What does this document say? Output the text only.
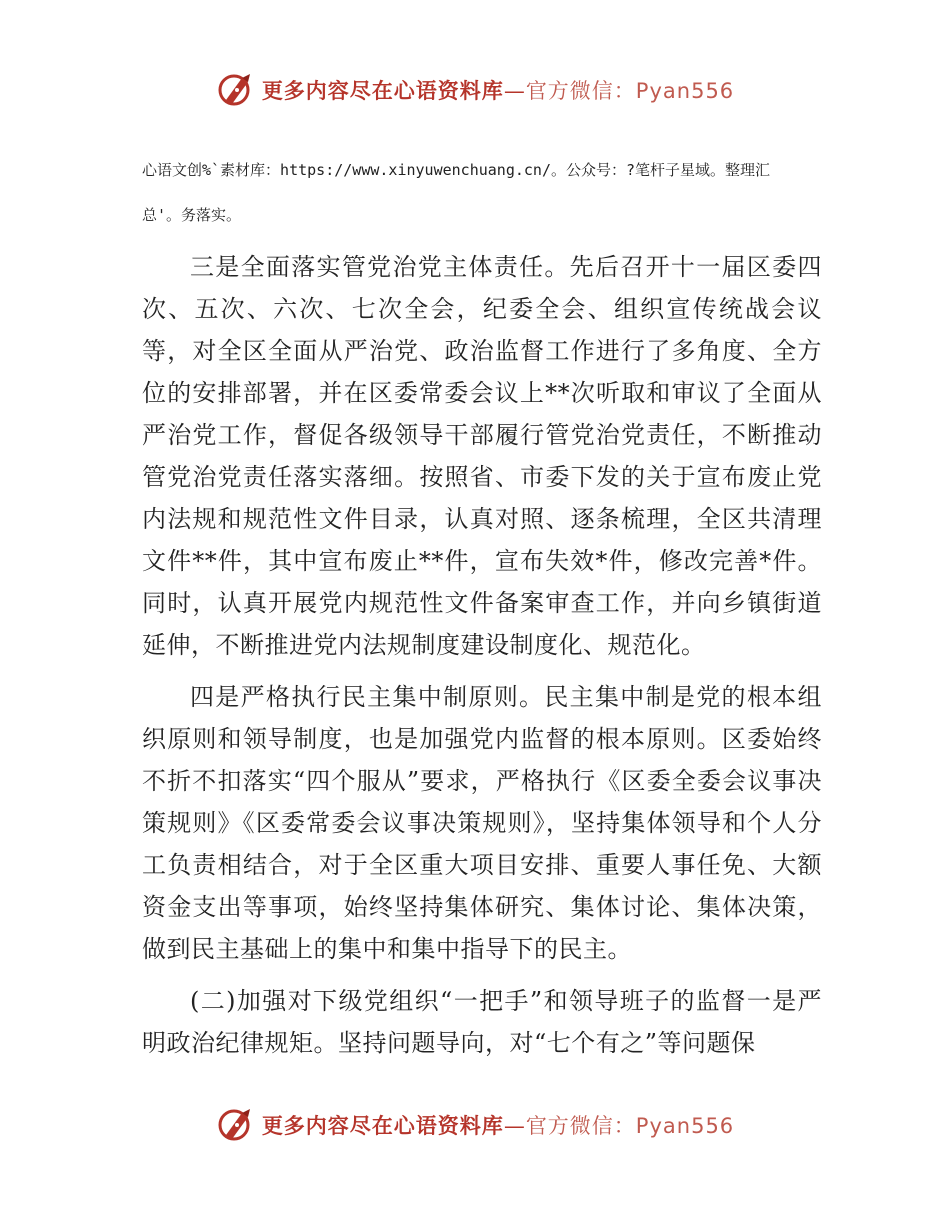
更多内容尽在心语资料库—官方微信：Pyan556
心语文创%`素材库：https://www.xinyuwenchuang.cn/。公众号：?笔杆子星域。整理汇
总'。务落实。

三是全面落实管党治党主体责任。先后召开十一届区委四次、五次、六次、七次全会，纪委全会、组织宣传统战会议等，对全区全面从严治党、政治监督工作进行了多角度、全方位的安排部署，并在区委常委会议上**次听取和审议了全面从严治党工作，督促各级领导干部履行管党治党责任，不断推动管党治党责任落实落细。按照省、市委下发的关于宣布废止党内法规和规范性文件目录，认真对照、逐条梳理，全区共清理文件**件，其中宣布废止**件，宣布失效*件，修改完善*件。同时，认真开展党内规范性文件备案审查工作，并向乡镇街道延伸，不断推进党内法规制度建设制度化、规范化。

四是严格执行民主集中制原则。民主集中制是党的根本组织原则和领导制度，也是加强党内监督的根本原则。区委始终不折不扣落实“四个服从”要求，严格执行《区委全委会议事决策规则》《区委常委会议事决策规则》，坚持集体领导和个人分工负责相结合，对于全区重大项目安排、重要人事任免、大额资金支出等事项，始终坚持集体研究、集体讨论、集体决策，做到民主基础上的集中和集中指导下的民主。

(二)加强对下级党组织“一把手”和领导班子的监督一是严明政治纪律规矩。坚持问题导向，对“七个有之”等问题保

更多内容尽在心语资料库—官方微信：Pyan556
